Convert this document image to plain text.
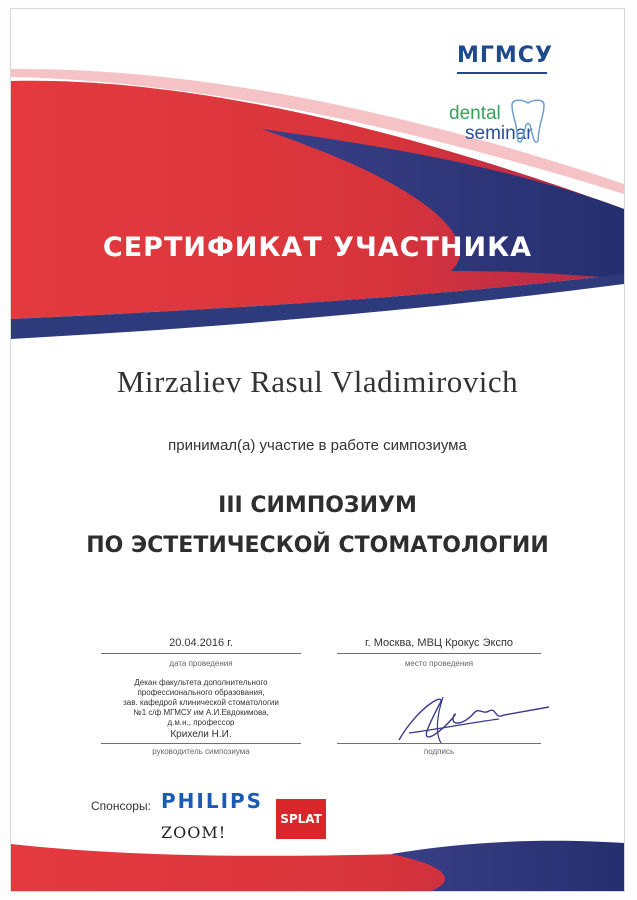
МГМСУ
dental
seminar
СЕРТИФИКАТ УЧАСТНИКА
Mirzaliev Rasul Vladimirovich
принимал(а) участие в работе симпозиума
III СИМПОЗИУМ
ПО ЭСТЕТИЧЕСКОЙ СТОМАТОЛОГИИ
20.04.2016 г.
дата проведения
г. Москва, МВЦ Крокус Экспо
место проведения
Декан факультета дополнительного
профессионального образования,
зав. кафедрой клинической стоматологии
№1 с/ф МГМСУ им А.И.Евдокимова,
д.м.н., профессор
Крихели Н.И.
руководитель симпозиума	подпись
Спонсоры: PHILIPS
ZOOM!
SPLAT
